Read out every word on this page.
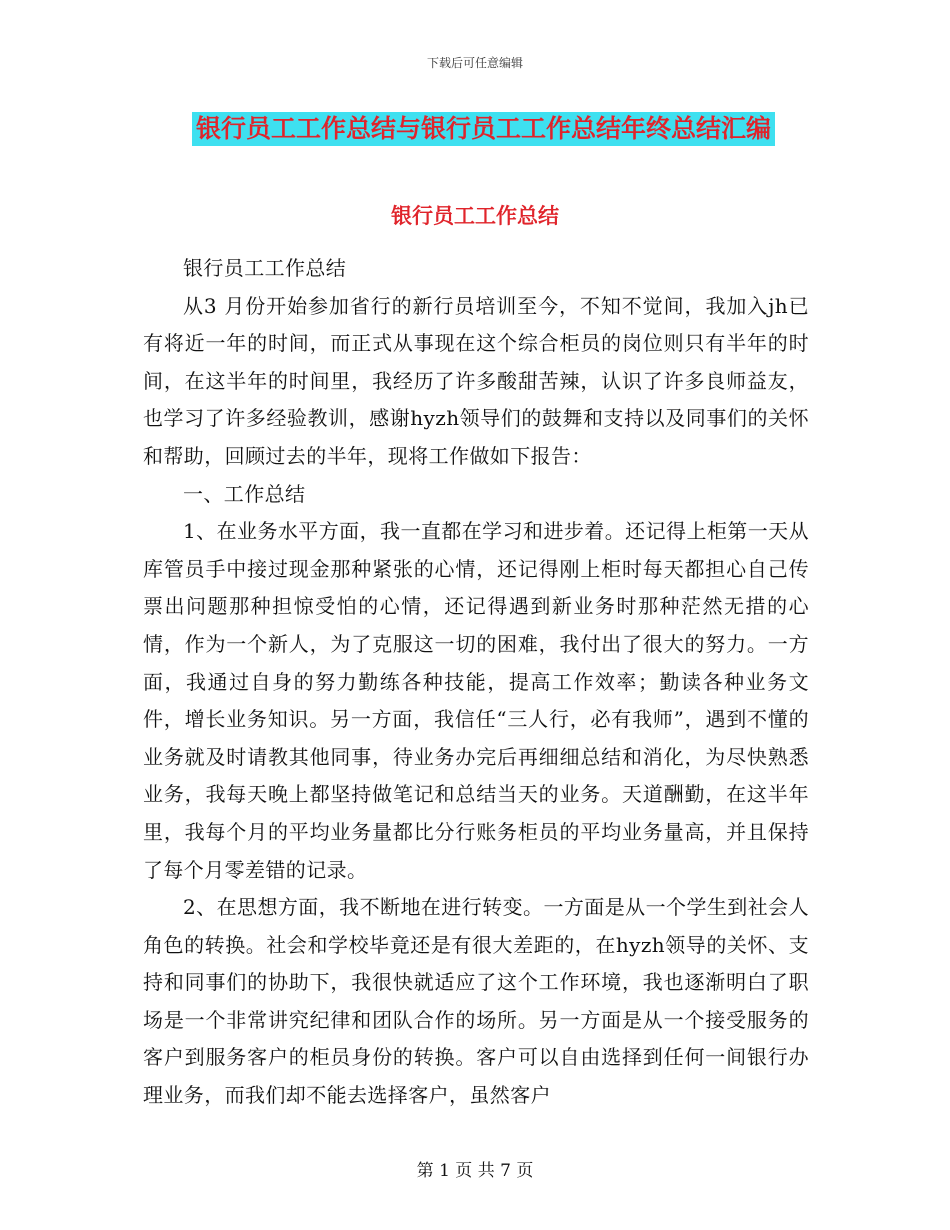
下载后可任意编辑
银行员工工作总结与银行员工工作总结年终总结汇编
银行员工工作总结

银行员工工作总结

从3 月份开始参加省行的新行员培训至今，不知不觉间，我加入jh已有将近一年的时间，而正式从事现在这个综合柜员的岗位则只有半年的时间，在这半年的时间里，我经历了许多酸甜苦辣，认识了许多良师益友，也学习了许多经验教训，感谢hyzh领导们的鼓舞和支持以及同事们的关怀和帮助，回顾过去的半年，现将工作做如下报告：

一、工作总结

1、在业务水平方面，我一直都在学习和进步着。还记得上柜第一天从库管员手中接过现金那种紧张的心情，还记得刚上柜时每天都担心自己传票出问题那种担惊受怕的心情，还记得遇到新业务时那种茫然无措的心情，作为一个新人，为了克服这一切的困难，我付出了很大的努力。一方面，我通过自身的努力勤练各种技能，提高工作效率；勤读各种业务文件，增长业务知识。另一方面，我信任“三人行，必有我师”，遇到不懂的业务就及时请教其他同事，待业务办完后再细细总结和消化，为尽快熟悉业务，我每天晚上都坚持做笔记和总结当天的业务。天道酬勤，在这半年里，我每个月的平均业务量都比分行账务柜员的平均业务量高，并且保持了每个月零差错的记录。

2、在思想方面，我不断地在进行转变。一方面是从一个学生到社会人角色的转换。社会和学校毕竟还是有很大差距的，在hyzh领导的关怀、支持和同事们的协助下，我很快就适应了这个工作环境，我也逐渐明白了职场是一个非常讲究纪律和团队合作的场所。另一方面是从一个接受服务的客户到服务客户的柜员身份的转换。客户可以自由选择到任何一间银行办理业务，而我们却不能去选择客户，虽然客户

第 1 页 共 7 页
